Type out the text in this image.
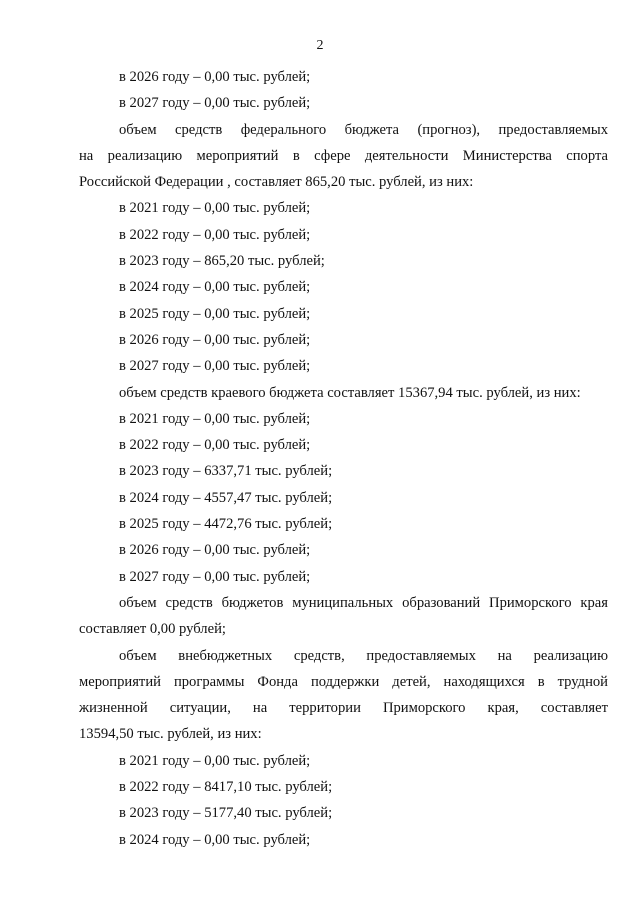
2
в 2026 году – 0,00 тыс. рублей;
в 2027 году – 0,00 тыс. рублей;
объем средств федерального бюджета (прогноз), предоставляемых
на реализацию мероприятий в сфере деятельности Министерства спорта
Российской Федерации , составляет 865,20 тыс. рублей, из них:
в 2021 году – 0,00 тыс. рублей;
в 2022 году – 0,00 тыс. рублей;
в 2023 году – 865,20 тыс. рублей;
в 2024 году – 0,00 тыс. рублей;
в 2025 году – 0,00 тыс. рублей;
в 2026 году – 0,00 тыс. рублей;
в 2027 году – 0,00 тыс. рублей;
объем средств краевого бюджета составляет 15367,94 тыс. рублей, из них:
в 2021 году – 0,00 тыс. рублей;
в 2022 году – 0,00 тыс. рублей;
в 2023 году – 6337,71 тыс. рублей;
в 2024 году – 4557,47 тыс. рублей;
в 2025 году – 4472,76 тыс. рублей;
в 2026 году – 0,00 тыс. рублей;
в 2027 году – 0,00 тыс. рублей;
объем средств бюджетов муниципальных образований Приморского края
составляет 0,00 рублей;
объем внебюджетных средств, предоставляемых на реализацию
мероприятий программы Фонда поддержки детей, находящихся в трудной
жизненной ситуации, на территории Приморского края, составляет
13594,50 тыс. рублей, из них:
в 2021 году – 0,00 тыс. рублей;
в 2022 году – 8417,10 тыс. рублей;
в 2023 году – 5177,40 тыс. рублей;
в 2024 году – 0,00 тыс. рублей;
